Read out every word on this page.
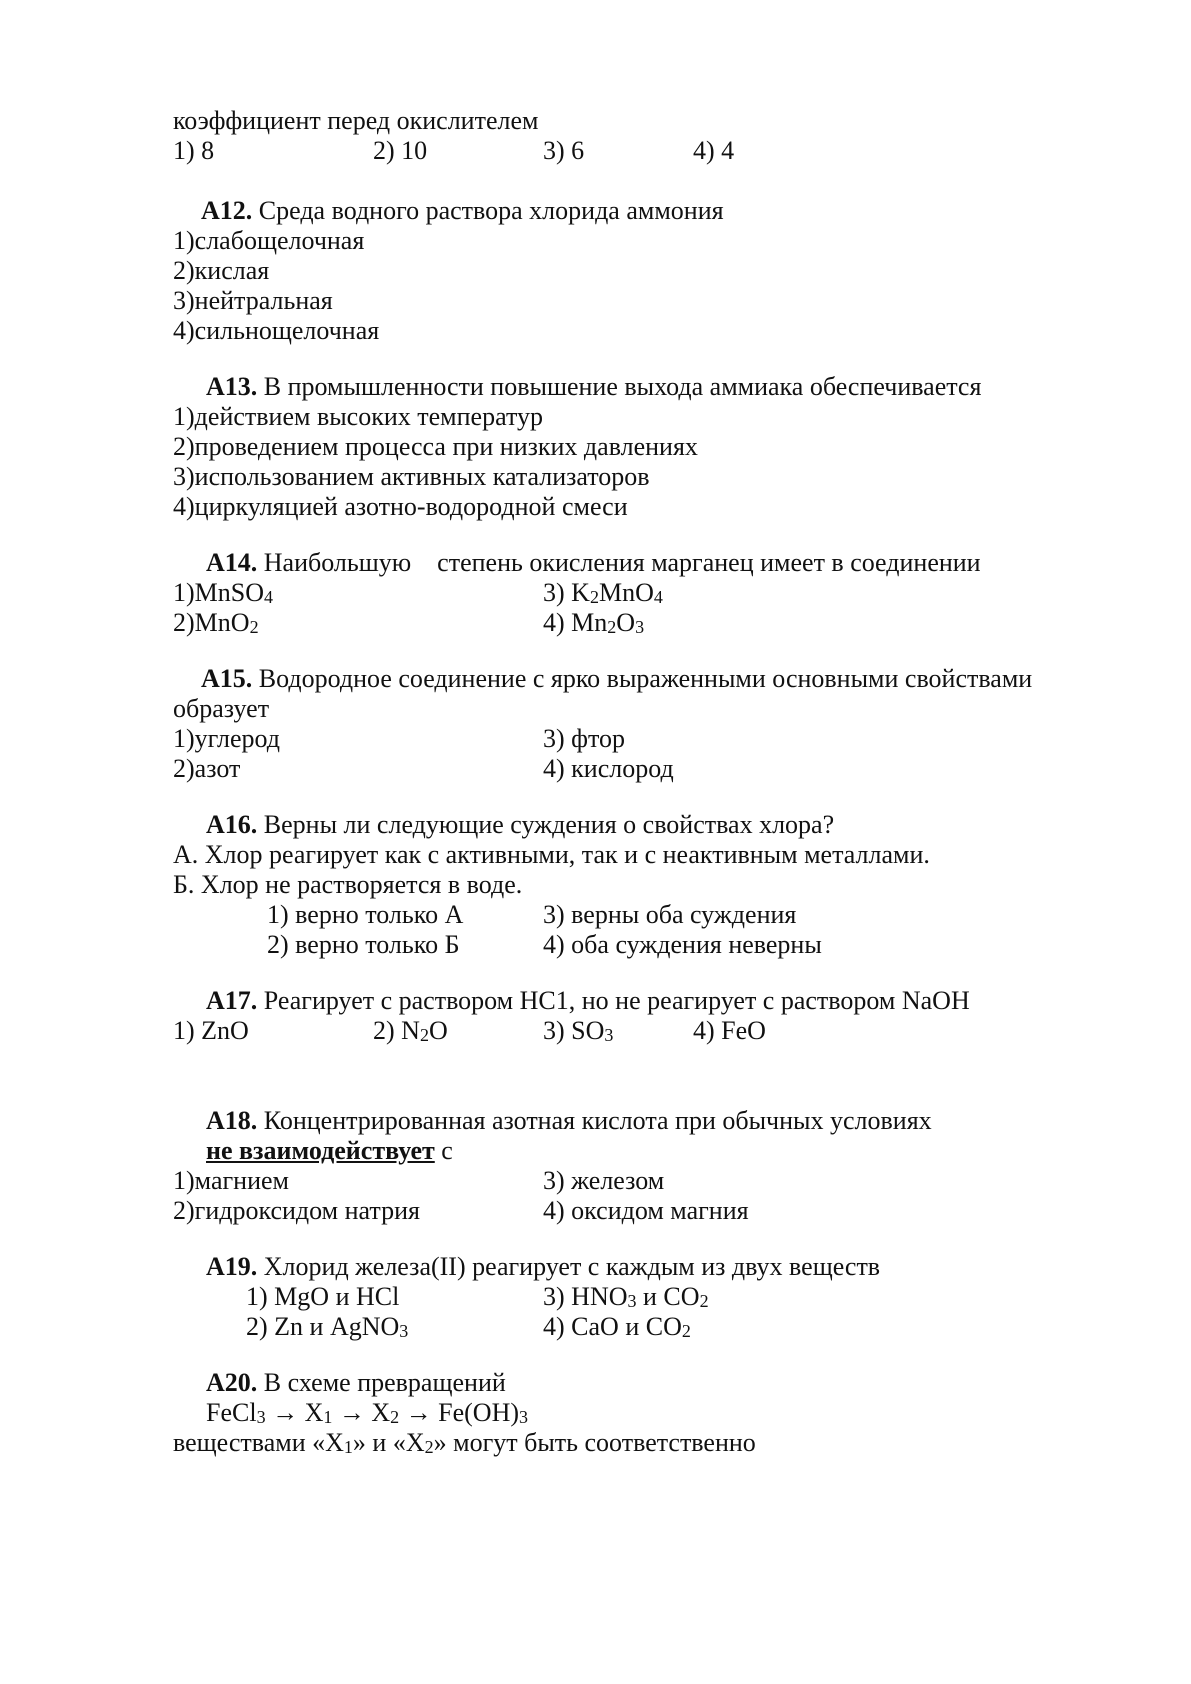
коэффициент перед окислителем
1) 8	2) 10	3) 6	4) 4
А12. Среда водного раствора хлорида аммония
1)слабощелочная
2)кислая
3)нейтральная
4)сильнощелочная
А13. В промышленности повышение выхода аммиака обеспечивается
1)действием высоких температур
2)проведением процесса при низких давлениях
3)использованием активных катализаторов
4)циркуляцией азотно-водородной смеси
А14. Наибольшую    степень окисления марганец имеет в соединении
1)MnSO$_4$	3) $K_2MnO_4$
2)MnO$_2$	4) $Mn_2O_3$
А15. Водородное соединение с ярко выраженными основными свойствами
образует
1)углерод	3) фтор
2)азот	4) кислород
А16. Верны ли следующие суждения о свойствах хлора?
А. Хлор реагирует как с активными, так и с неактивным металлами.
Б. Хлор не растворяется в воде.
1) верно только А	3) верны оба суждения
2) верно только Б	4) оба суждения неверны
А17. Реагирует с раствором НС1, но не реагирует с раствором NaOH
1) ZnO	2) $N_2O$	3) $SO_3$	4) FeO
А18. Концентрированная азотная кислота при обычных условиях
не взаимодействует с
1)магнием	3) железом
2)гидроксидом натрия	4) оксидом магния
А19. Хлорид железа(II) реагирует с каждым из двух веществ
1) MgO и HCl	3) $HNO_3$ и $CO_2$
2) Zn и AgNO$_3$	4) CaO и $CO_2$
А20. В схеме превращений
FeCl$_3$ → $X_1 \to X_2 \to Fe(OH)_3$
веществами «$X_1$» и «$X_2$» могут быть соответственно
